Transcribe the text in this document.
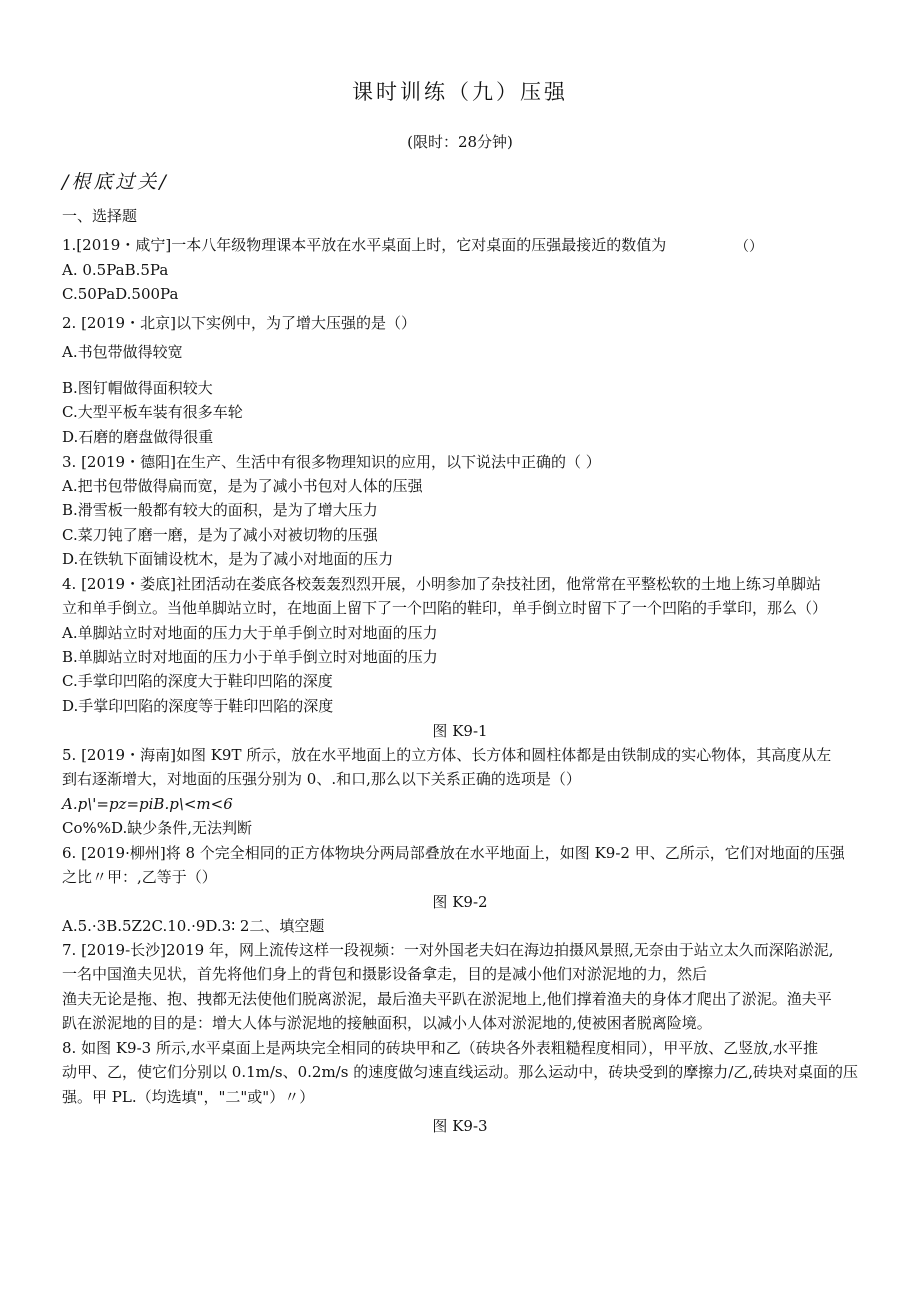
课时训练（九）压强
(限时：28分钟)
/根底过关/
一、选择题
1.[2019・咸宁]一本八年级物理课本平放在水平桌面上时，它对桌面的压强最接近的数值为	（）
A. 0.5PaB.5Pa
C.50PaD.500Pa
2. [2019・北京]以下实例中，为了增大压强的是（）
A.书包带做得较宽
B.图钉帽做得面积较大
C.大型平板车装有很多车轮
D.石磨的磨盘做得很重
3. [2019・德阳]在生产、生活中有很多物理知识的应用，以下说法中正确的（ ）
A.把书包带做得扁而宽，是为了减小书包对人体的压强
B.滑雪板一般都有较大的面积，是为了增大压力
C.菜刀钝了磨一磨，是为了减小对被切物的压强
D.在铁轨下面铺设枕木，是为了减小对地面的压力
4. [2019・娄底]社团活动在娄底各校轰轰烈烈开展，小明参加了杂技社团，他常常在平整松软的土地上练习单脚站
立和单手倒立。当他单脚站立时，在地面上留下了一个凹陷的鞋印，单手倒立时留下了一个凹陷的手掌印，那么（）
A.单脚站立时对地面的压力大于单手倒立时对地面的压力
B.单脚站立时对地面的压力小于单手倒立时对地面的压力
C.手掌印凹陷的深度大于鞋印凹陷的深度
D.手掌印凹陷的深度等于鞋印凹陷的深度
图 K9-1
5. [2019・海南]如图 K9T 所示，放在水平地面上的立方体、长方体和圆柱体都是由铁制成的实心物体，其高度从左
到右逐渐增大，对地面的压强分别为 0、.和口,那么以下关系正确的选项是（）
A.p\'=pz=piB.p\<m<6
Co%%D.缺少条件,无法判断
6. [2019·柳州]将 8 个完全相同的正方体物块分两局部叠放在水平地面上，如图 K9-2 甲、乙所示，它们对地面的压强
之比〃甲：,乙等于（）
图 K9-2
A.5.·3B.5Z2C.10.·9D.3∶ 2二、填空题
7. [2019-长沙]2019 年，网上流传这样一段视频：一对外国老夫妇在海边拍摄风景照,无奈由于站立太久而深陷淤泥,
一名中国渔夫见状，首先将他们身上的背包和摄影设备拿走，目的是减小他们对淤泥地的力，然后
渔夫无论是拖、抱、拽都无法使他们脱离淤泥，最后渔夫平趴在淤泥地上,他们撑着渔夫的身体才爬出了淤泥。渔夫平
趴在淤泥地的目的是：增大人体与淤泥地的接触面积，以减小人体对淤泥地的,使被困者脱离险境。
8. 如图 K9-3 所示,水平桌面上是两块完全相同的砖块甲和乙（砖块各外表粗糙程度相同），甲平放、乙竖放,水平推
动甲、乙，使它们分别以 0.1m/s、0.2m/s 的速度做匀速直线运动。那么运动中，砖块受到的摩擦力/乙,砖块对桌面的压
强。甲 PL.（均选填"，"二"或"）〃）
图 K9-3
